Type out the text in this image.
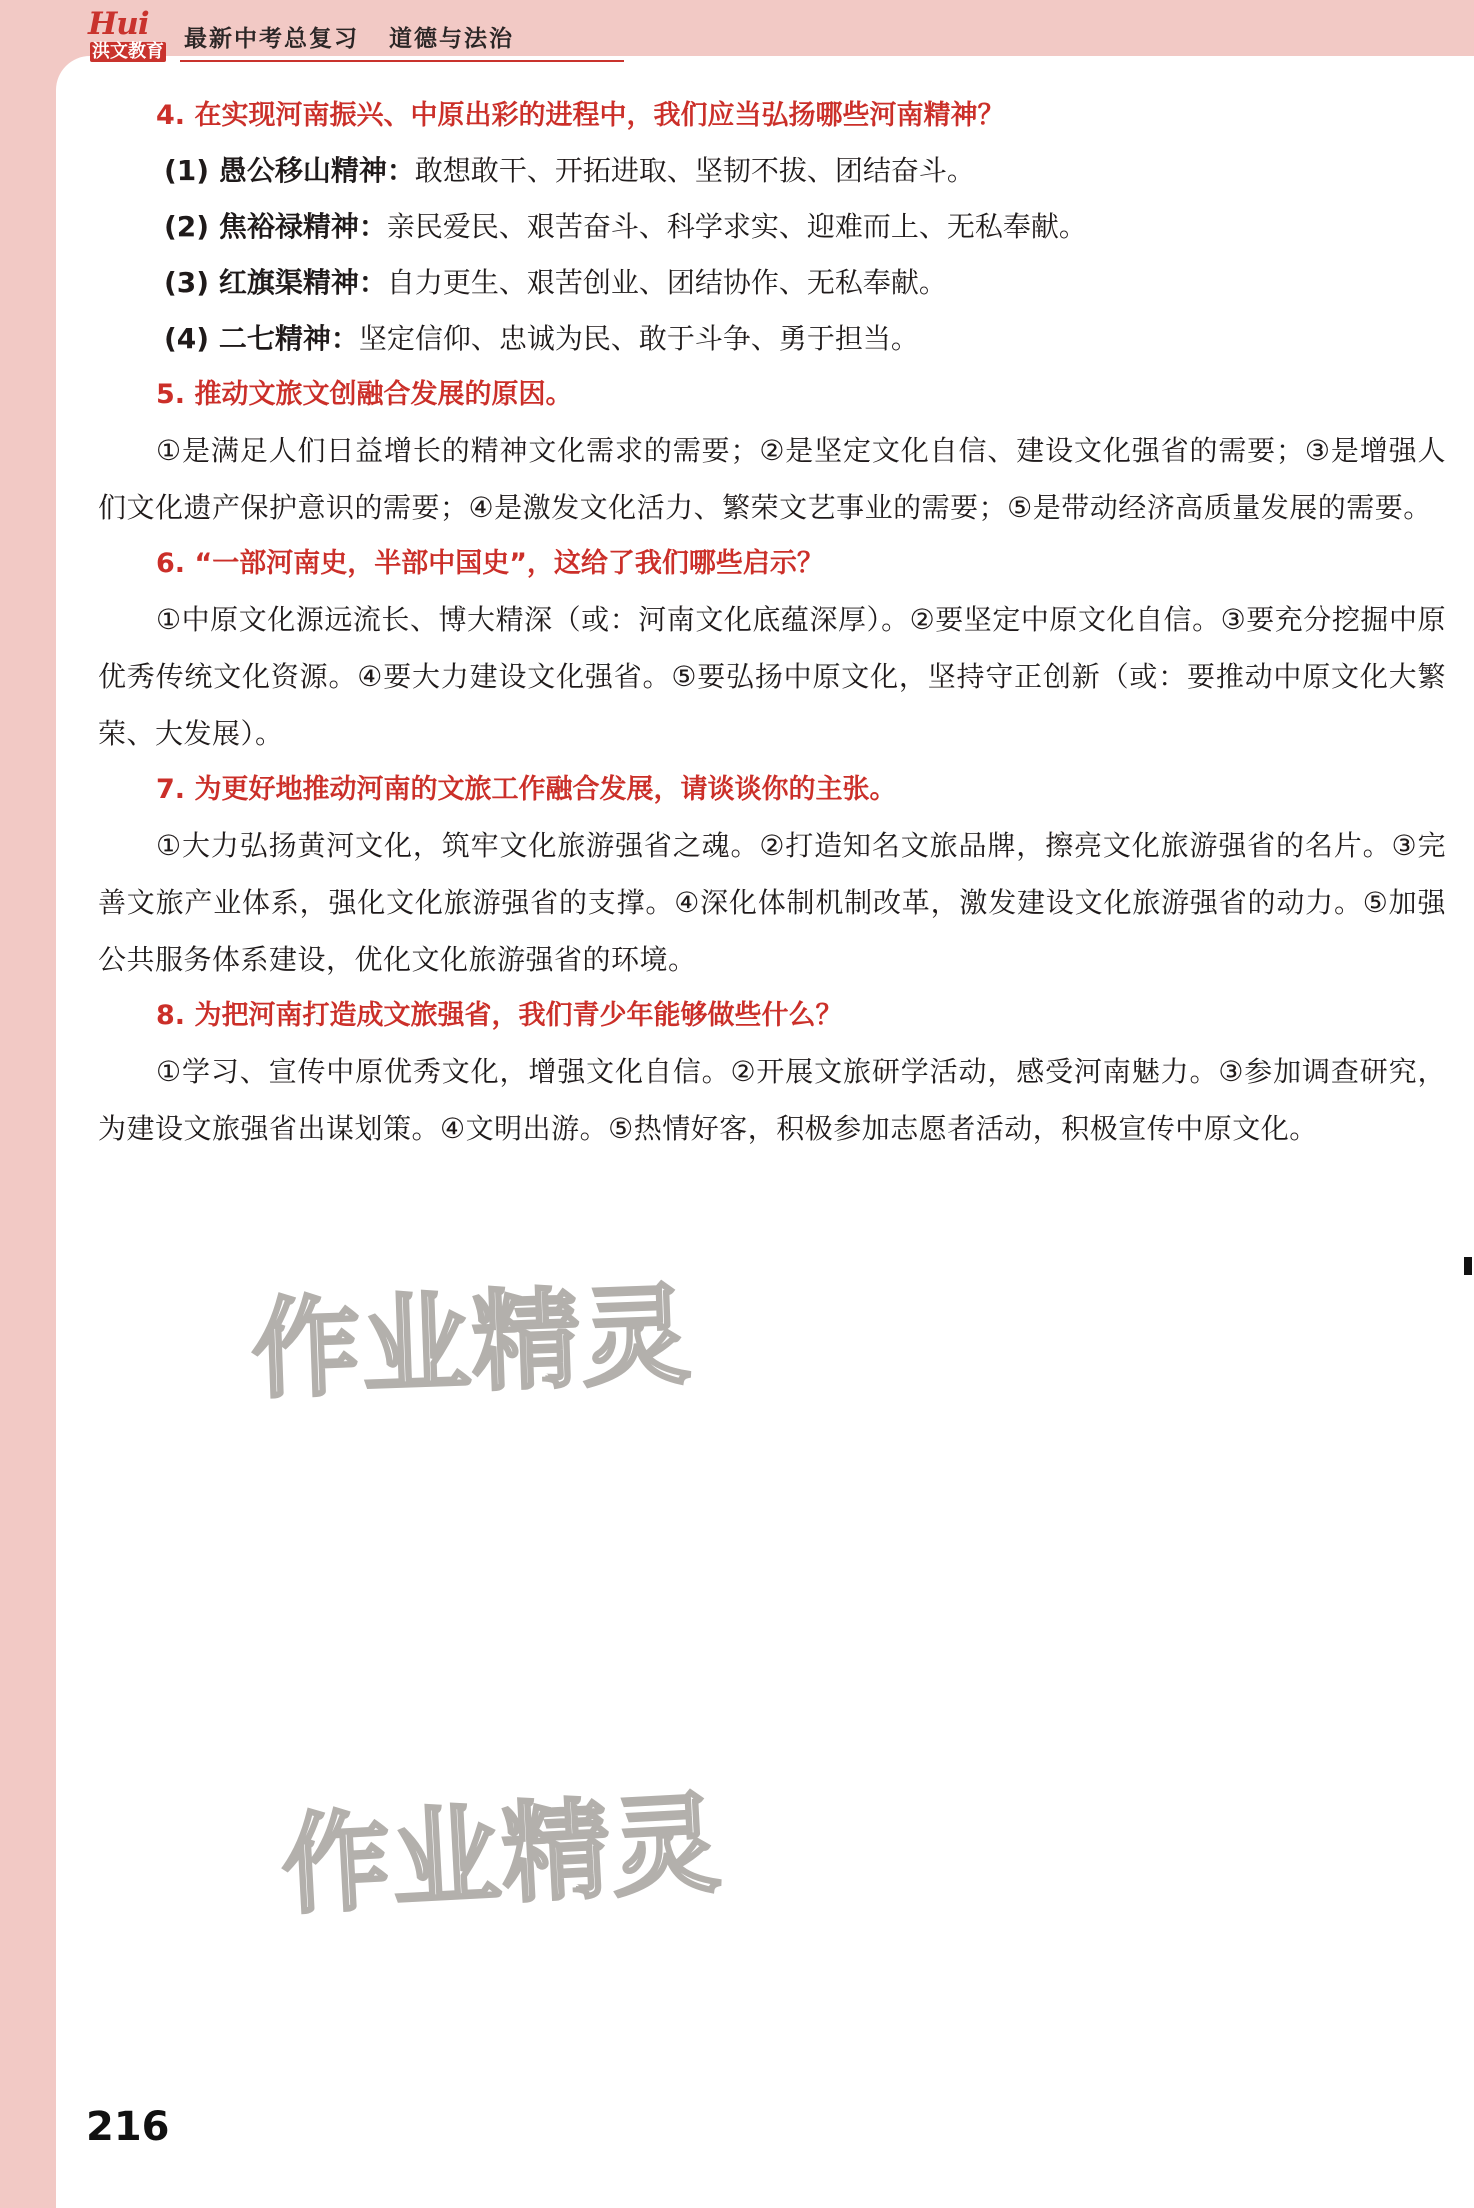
Hui
洪文教育 最新中考总复习 道德与法治
4. 在实现河南振兴、中原出彩的进程中，我们应当弘扬哪些河南精神？
(1) 愚公移山精神：敢想敢干、开拓进取、坚韧不拔、团结奋斗。
(2) 焦裕禄精神：亲民爱民、艰苦奋斗、科学求实、迎难而上、无私奉献。
(3) 红旗渠精神：自力更生、艰苦创业、团结协作、无私奉献。
(4) 二七精神：坚定信仰、忠诚为民、敢于斗争、勇于担当。
5. 推动文旅文创融合发展的原因。

①是满足人们日益增长的精神文化需求的需要；②是坚定文化自信、建设文化强省的需要；③是增强人们文化遗产保护意识的需要；④是激发文化活力、繁荣文艺事业的需要；⑤是带动经济高质量发展的需要。

6. “一部河南史，半部中国史”，这给了我们哪些启示？

①中原文化源远流长、博大精深（或：河南文化底蕴深厚）。②要坚定中原文化自信。③要充分挖掘中原优秀传统文化资源。④要大力建设文化强省。⑤要弘扬中原文化，坚持守正创新（或：要推动中原文化大繁荣、大发展）。

7. 为更好地推动河南的文旅工作融合发展，请谈谈你的主张。

①大力弘扬黄河文化，筑牢文化旅游强省之魂。②打造知名文旅品牌，擦亮文化旅游强省的名片。③完善文旅产业体系，强化文化旅游强省的支撑。④深化体制机制改革，激发建设文化旅游强省的动力。⑤加强公共服务体系建设，优化文化旅游强省的环境。

8. 为把河南打造成文旅强省，我们青少年能够做些什么？

①学习、宣传中原优秀文化，增强文化自信。②开展文旅研学活动，感受河南魅力。③参加调查研究，为建设文旅强省出谋划策。④文明出游。⑤热情好客，积极参加志愿者活动，积极宣传中原文化。

作业精灵
作业精灵
216
